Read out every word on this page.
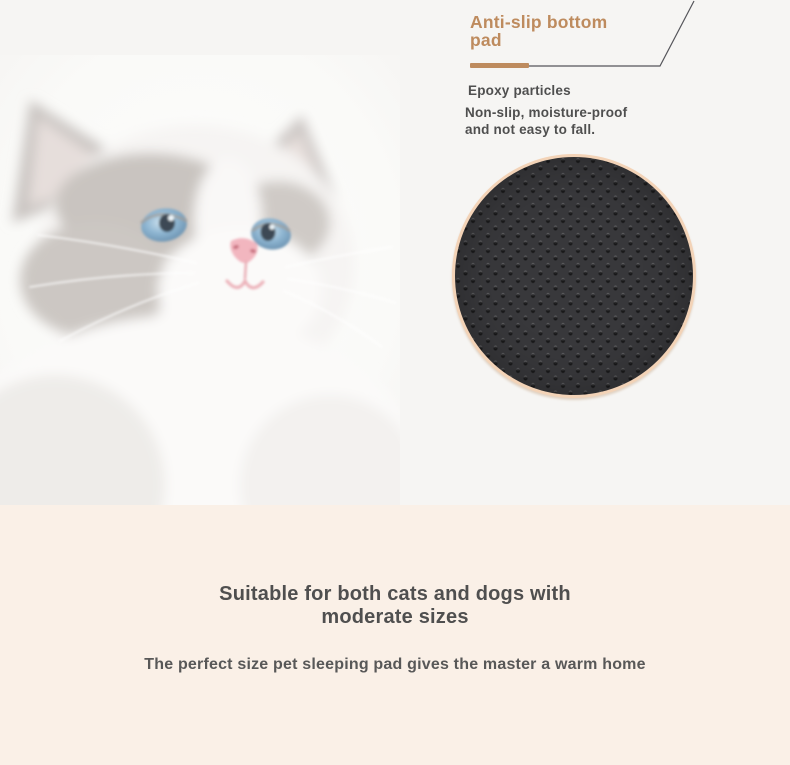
Anti-slip bottom
pad
Epoxy particles
Non-slip, moisture-proof
and not easy to fall.
Suitable for both cats and dogs with
moderate sizes

The perfect size pet sleeping pad gives the master a warm home
